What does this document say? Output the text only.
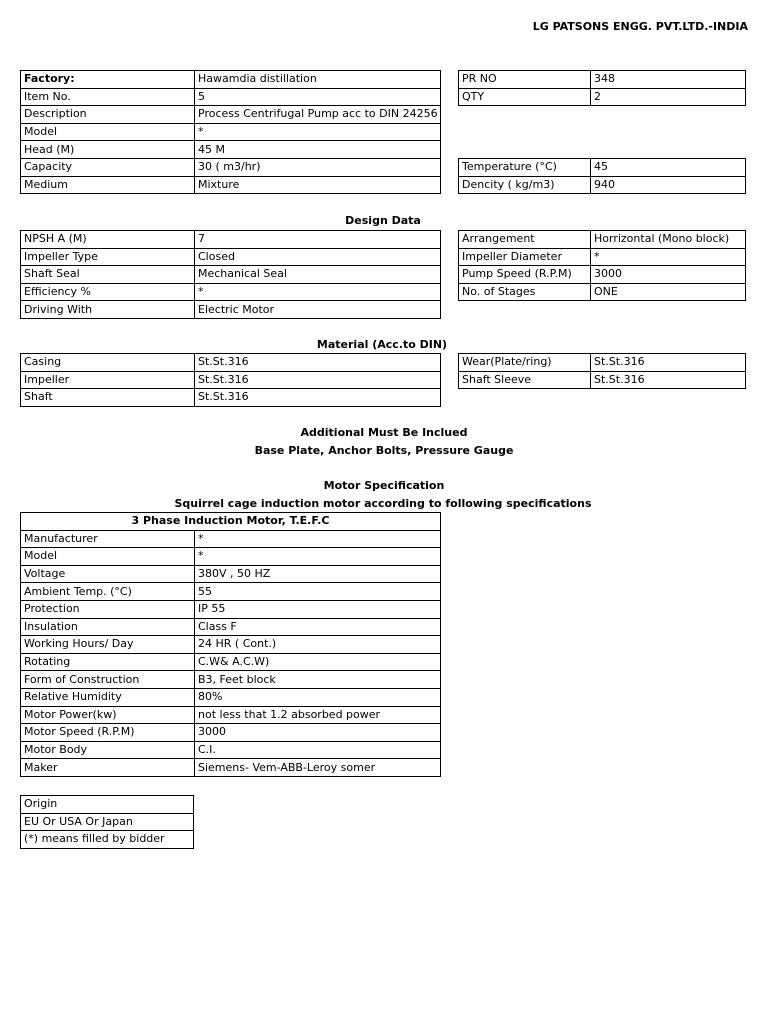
LG PATSONS ENGG. PVT.LTD.-INDIA
Factory:	Hawamdia distillation
Item No.	5
Description	Process Centrifugal Pump acc to DIN 24256
Model	*
Head (M)	45 M
Capacity	30 ( m3/hr)
Medium	Mixture
PR NO	348
QTY	2
Temperature (°C)	45
Dencity ( kg/m3)	940
Design Data
NPSH A (M)	7
Impeller Type	Closed
Shaft Seal	Mechanical Seal
Efficiency %	*
Driving With	Electric Motor
Arrangement	Horrizontal (Mono block)
Impeller Diameter	*
Pump Speed (R.P.M)	3000
No. of Stages	ONE
Material (Acc.to DIN)
Casing	St.St.316
Impeller	St.St.316
Shaft	St.St.316
Wear(Plate/ring)	St.St.316
Shaft Sleeve	St.St.316
Additional Must Be Inclued
Base Plate, Anchor Bolts, Pressure Gauge
Motor Specification
Squirrel cage induction motor according to following specifications
3 Phase Induction Motor, T.E.F.C	
Manufacturer	*
Model	*
Voltage	380V , 50 HZ
Ambient Temp. (°C)	55
Protection	IP 55
Insulation	Class F
Working Hours/ Day	24 HR ( Cont.)
Rotating	C.W& A.C.W)
Form of Construction	B3, Feet block
Relative Humidity	80%
Motor Power(kw)	not less that 1.2 absorbed power
Motor Speed (R.P.M)	3000
Motor Body	C.I.
Maker	Siemens- Vem-ABB-Leroy somer
Origin
EU Or USA Or Japan
(*) means filled by bidder
